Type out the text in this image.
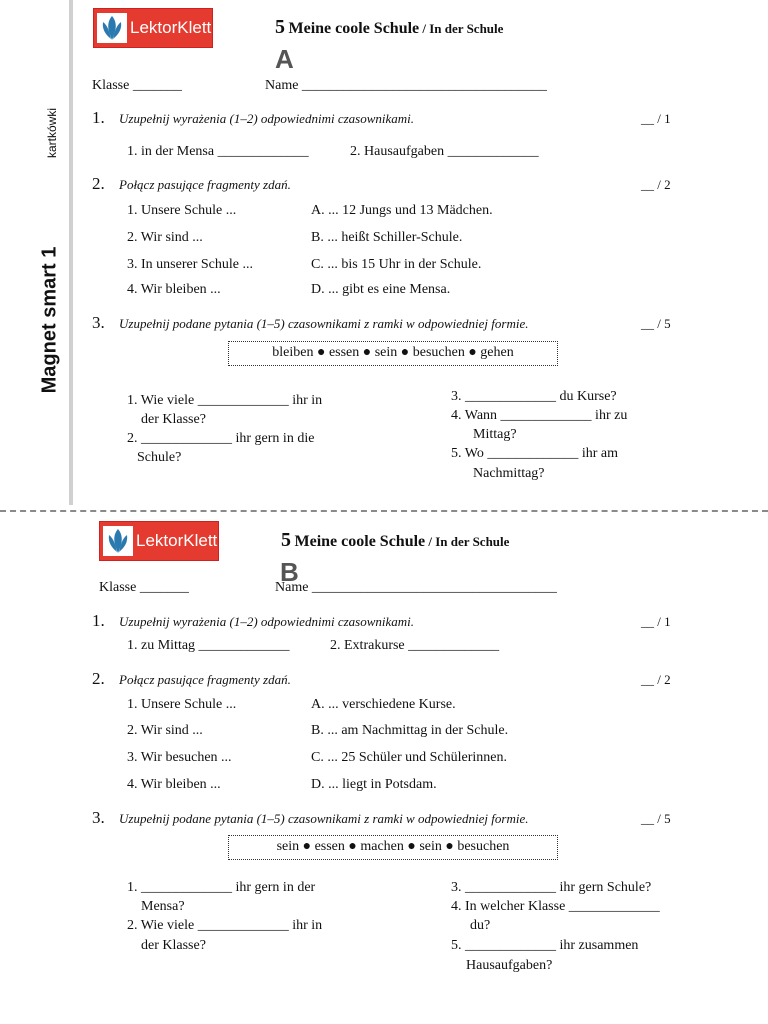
Magnet smart 1
kartkówki
LektorKlett	5 Meine coole Schule / In der Schule
A
Klasse _______	Name ___________________________________
1. Uzupełnij wyrażenia (1–2) odpowiednimi czasownikami.	__ / 1
1. in der Mensa _____________	2. Hausaufgaben _____________
2. Połącz pasujące fragmenty zdań.	__ / 2
1. Unsere Schule ...	A. ... 12 Jungs und 13 Mädchen.
2. Wir sind ...	B. ... heißt Schiller-Schule.
3. In unserer Schule ...	C. ... bis 15 Uhr in der Schule.
4. Wir bleiben ...	D. ... gibt es eine Mensa.
3. Uzupełnij podane pytania (1–5) czasownikami z ramki w odpowiedniej formie.	__ / 5
bleiben ● essen ● sein ● besuchen ● gehen
1. Wie viele _____________ ihr in
der Klasse?
2. _____________ ihr gern in die
Schule?
3. _____________ du Kurse?
4. Wann _____________ ihr zu
Mittag?
5. Wo _____________ ihr am
Nachmittag?
LektorKlett	5 Meine coole Schule / In der Schule
B
Klasse _______	Name ___________________________________
1. Uzupełnij wyrażenia (1–2) odpowiednimi czasownikami.	__ / 1
1. zu Mittag _____________	2. Extrakurse _____________
2. Połącz pasujące fragmenty zdań.	__ / 2
1. Unsere Schule ...	A. ... verschiedene Kurse.
2. Wir sind ...	B. ... am Nachmittag in der Schule.
3. Wir besuchen ...	C. ... 25 Schüler und Schülerinnen.
4. Wir bleiben ...	D. ... liegt in Potsdam.
3. Uzupełnij podane pytania (1–5) czasownikami z ramki w odpowiedniej formie.	__ / 5
sein ● essen ● machen ● sein ● besuchen
1. _____________ ihr gern in der
Mensa?
2. Wie viele _____________ ihr in
der Klasse?
3. _____________ ihr gern Schule?
4. In welcher Klasse _____________
du?
5. _____________ ihr zusammen
Hausaufgaben?
